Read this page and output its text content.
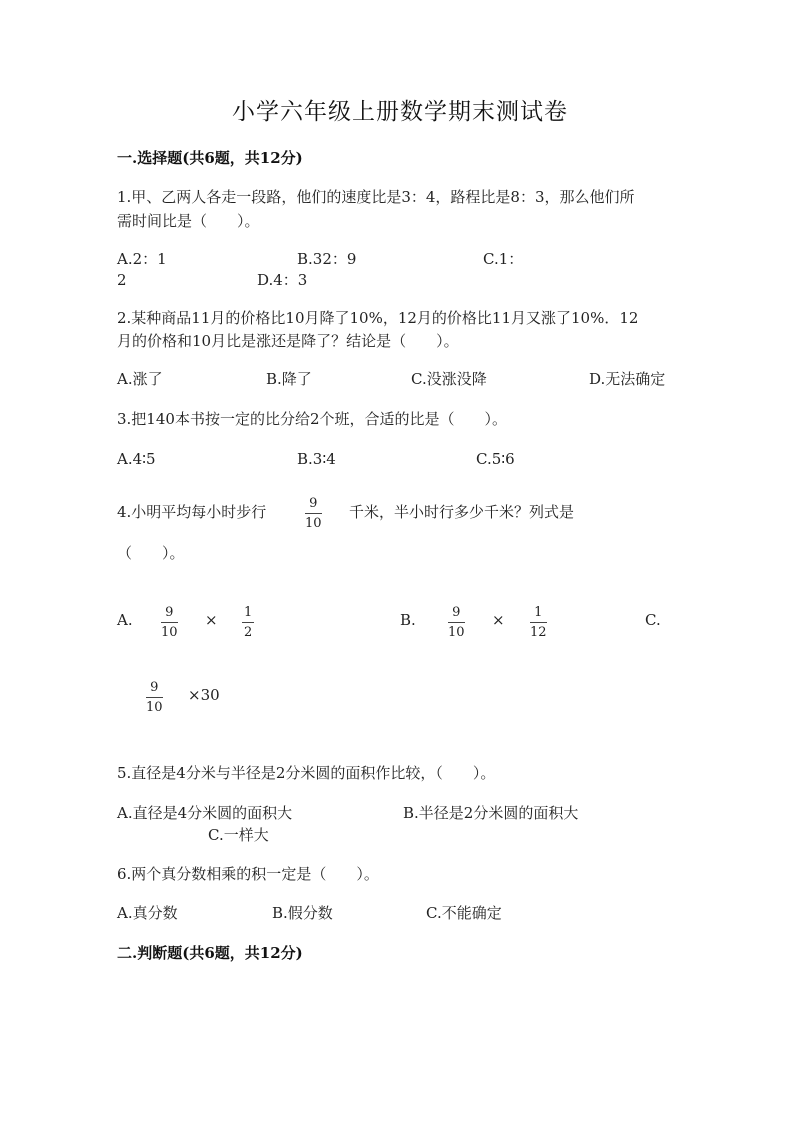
小学六年级上册数学期末测试卷
一.选择题(共6题，共12分)
1.甲、乙两人各走一段路，他们的速度比是3：4，路程比是8：3，那么他们所
需时间比是（　　）。
A.2：1	B.32：9	C.1：
2	D.4：3
2.某种商品11月的价格比10月降了10%，12月的价格比11月又涨了10%．12
月的价格和10月比是涨还是降了？结论是（　　）。
A.涨了	B.降了	C.没涨没降	D.无法确定
3.把140本书按一定的比分给2个班，合适的比是（　　）。
A.4∶5	B.3∶4	C.5∶6
4.小明平均每小时步行	9
10
千米，半小时行多少千米？列式是
（　　）。
A.	9
10
× 1
2
B.	9
10
× 1
12
C.
9
10
×30
5.直径是4分米与半径是2分米圆的面积作比较，（　　）。
A.直径是4分米圆的面积大	B.半径是2分米圆的面积大
C.一样大
6.两个真分数相乘的积一定是（　　）。
A.真分数	B.假分数	C.不能确定
二.判断题(共6题，共12分)
